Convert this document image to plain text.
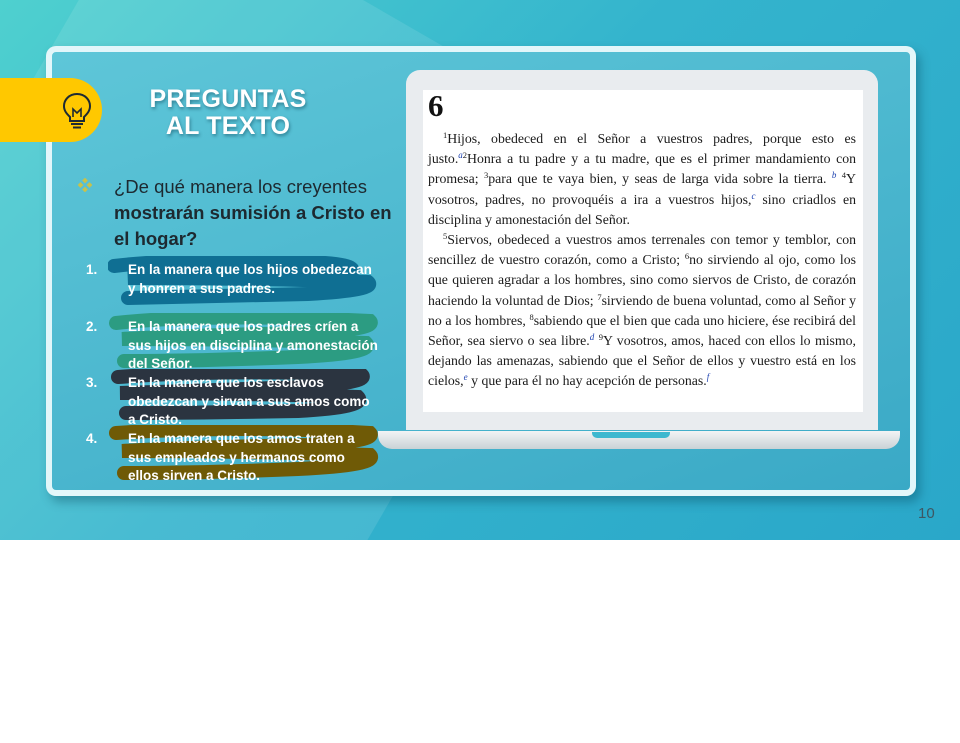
PREGUNTAS
AL TEXTO
¿De qué manera los creyentes mostrarán sumisión a Cristo en el hogar?
1. En la manera que los hijos obedezcan y honren a sus padres.
2. En la manera que los padres críen a sus hijos en disciplina y amonestación del Señor.
3. En la manera que los esclavos obedezcan y sirvan a sus amos como a Cristo.
4. En la manera que los amos traten a sus empleados y hermanos como ellos sirven a Cristo.
6

$^1$Hijos, obedeced en el Señor a vuestros padres, porque esto es justo.$^{a2}$Honra a tu padre y a tu madre, que es el primer mandamiento con promesa; $^3$para que te vaya bien, y seas de larga vida sobre la tierra. $^b$ $^4$Y vosotros, padres, no provoquéis a ira a vuestros hijos,$^c$ sino criadlos en disciplina y amonestación del Señor.

$^5$Siervos, obedeced a vuestros amos terrenales con temor y temblor, con sencillez de vuestro corazón, como a Cristo; $^6$no sirviendo al ojo, como los que quieren agradar a los hombres, sino como siervos de Cristo, de corazón haciendo la voluntad de Dios; $^7$sirviendo de buena voluntad, como al Señor y no a los hombres, $^8$sabiendo que el bien que cada uno hiciere, ése recibirá del Señor, sea siervo o sea libre.$^d$ $^9$Y vosotros, amos, haced con ellos lo mismo, dejando las amenazas, sabiendo que el Señor de ellos y vuestro está en los cielos,$^e$ y que para él no hay acepción de personas.$^f$

10
